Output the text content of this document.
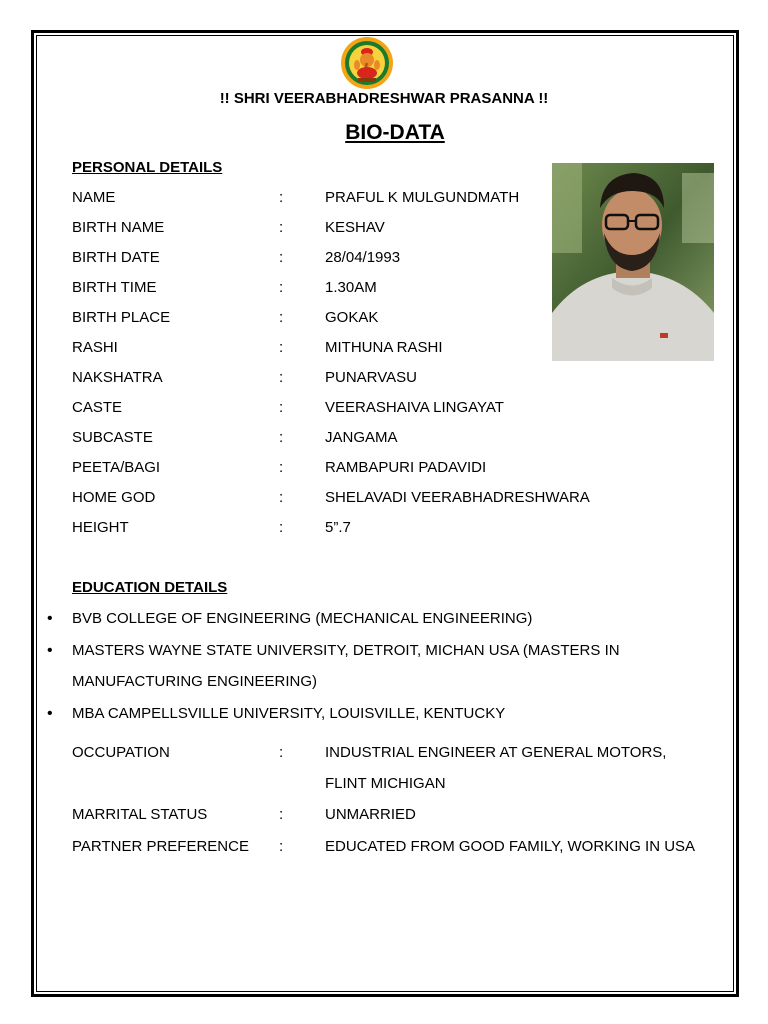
!! SHRI VEERABHADRESHWAR PRASANNA !!
BIO-DATA
PERSONAL DETAILS
NAME	:	PRAFUL K MULGUNDMATH
BIRTH NAME	:	KESHAV
BIRTH DATE	:	28/04/1993
BIRTH TIME	:	1.30AM
BIRTH PLACE	:	GOKAK
RASHI	:	MITHUNA RASHI
NAKSHATRA	:	PUNARVASU
CASTE	:	VEERASHAIVA LINGAYAT
SUBCASTE	:	JANGAMA
PEETA/BAGI	:	RAMBAPURI PADAVIDI
HOME GOD	:	SHELAVADI VEERABHADRESHWARA
HEIGHT	:	5”.7
EDUCATION DETAILS
• BVB COLLEGE OF ENGINEERING (MECHANICAL ENGINEERING)
• MASTERS WAYNE STATE UNIVERSITY, DETROIT, MICHAN USA (MASTERS IN
MANUFACTURING ENGINEERING)
• MBA CAMPELLSVILLE UNIVERSITY, LOUISVILLE, KENTUCKY
OCCUPATION	:	INDUSTRIAL ENGINEER AT GENERAL MOTORS,
FLINT MICHIGAN
MARRITAL STATUS	:	UNMARRIED
PARTNER PREFERENCE :	EDUCATED FROM GOOD FAMILY, WORKING IN USA
